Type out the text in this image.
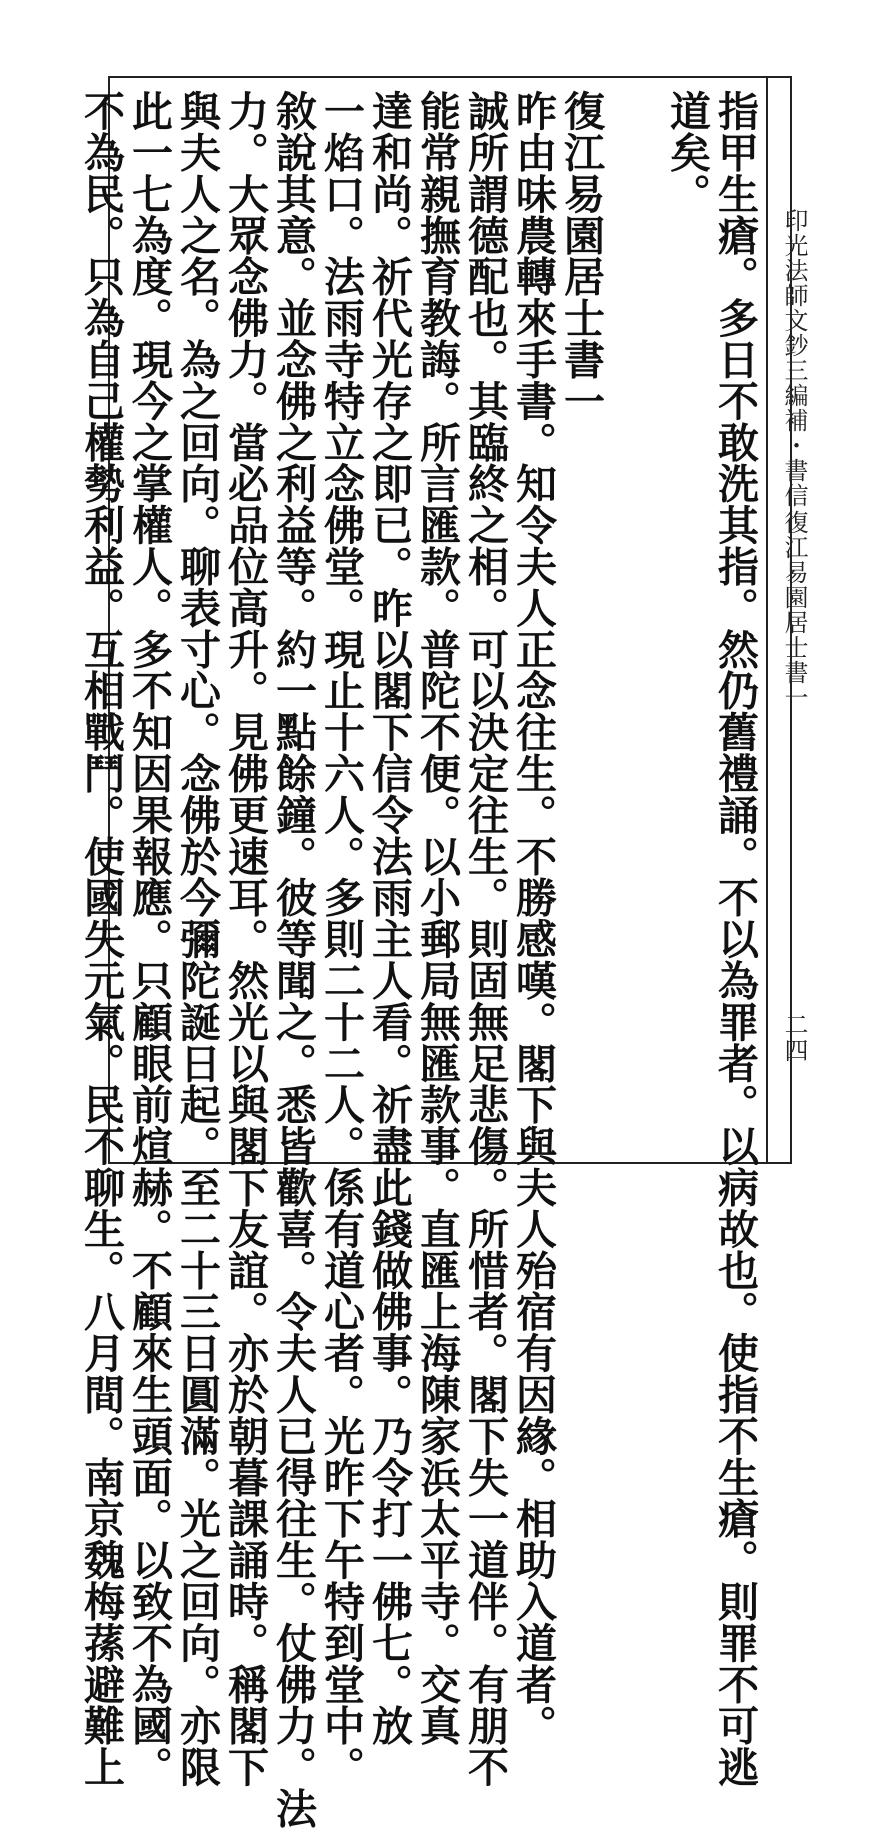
印光法師文鈔三編補・書信
復江易園居士書一
二四

指甲生瘡。多日不敢洗其指。然仍舊禮誦。不以為罪者。以病故也。使指不生瘡。則罪不可逃

道矣。

復江易園居士書一

昨由味農轉來手書。知令夫人正念往生。不勝感嘆。閣下與夫人殆宿有因緣。相助入道者。

誠所謂德配也。其臨終之相。可以決定往生。則固無足悲傷。所惜者。閣下失一道伴。有朋不

能常親撫育教誨。所言匯款。普陀不便。以小郵局無匯款事。直匯上海陳家浜太平寺。交真

達和尚。祈代光存之即已。昨以閣下信令法雨主人看。祈盡此錢做佛事。乃令打一佛七。放

一焰口。法雨寺特立念佛堂。現止十六人。多則二十二人。係有道心者。光昨下午特到堂中。

敘說其意。並念佛之利益等。約一點餘鐘。彼等聞之。悉皆歡喜。令夫人已得往生。仗佛力。法

力。大眾念佛力。當必品位高升。見佛更速耳。然光以與閣下友誼。亦於朝暮課誦時。稱閣下

與夫人之名。為之回向。聊表寸心。念佛於今彌陀誕日起。至二十三日圓滿。光之回向。亦限

此一七為度。現今之掌權人。多不知因果報應。只顧眼前煊赫。不顧來生頭面。以致不為國。

不為民。只為自己權勢利益。互相戰鬥。使國失元氣。民不聊生。八月間。南京魏梅蓀避難上
